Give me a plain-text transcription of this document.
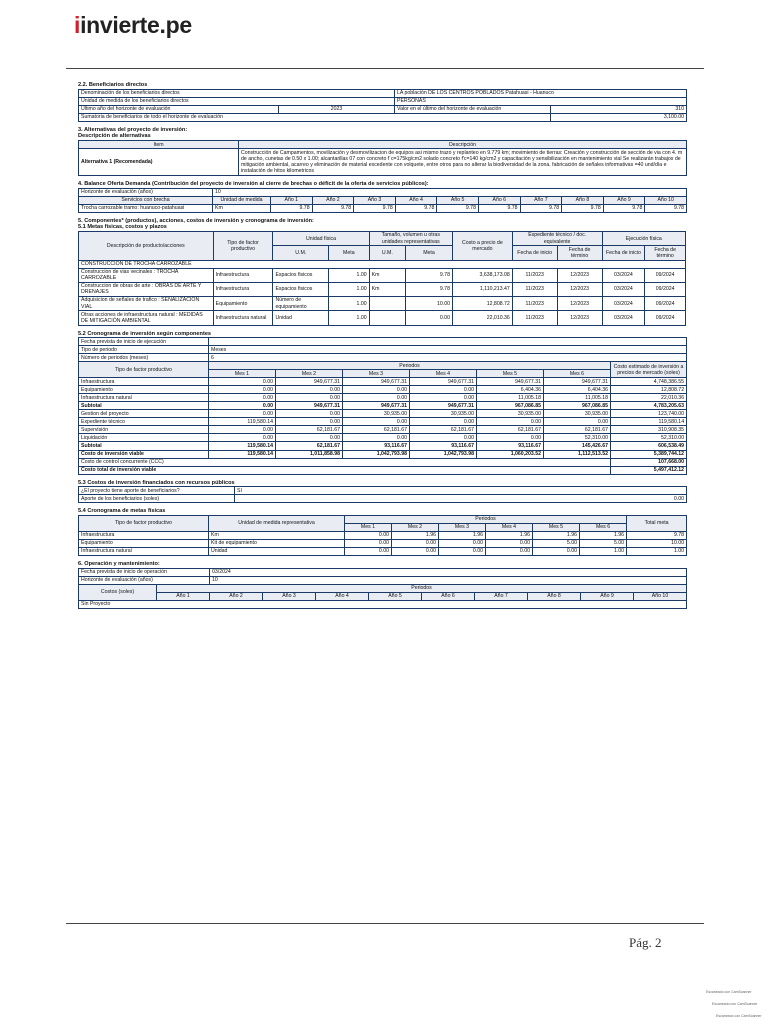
iinvierte.pe

2.2. Beneficiarios directos

Denominación de los beneficiarios directos		LA población DE LOS CENTROS POBLADOS Patahuasi - Huanuco	
Unidad de medida de los beneficiarios directos		PERSONAS	
Último año del horizonte de evaluación	2023	Valor en el último del horizonte de evaluación	310
Sumatoria de beneficiarios de todo el horizonte de evaluación			3,100.00

3. Alternativas del proyecto de inversión:

Descripción de alternativas

Item	Descripción
Alternativa 1 (Recomendada)	Construcción de Campamentos, movilización y desmovilizacion de equipos asi mismo trazo y replanteo en 9.779 km; movimiento de tierras: Creación y construcción de sección de via con 4. m de ancho, cunetas de 0.50 x 1.00; alcantarillas 07 con concreto f´c=175kg/cm2 solado concreto f'c=140 kg/cm2 y capacitación y sensibilización en mantenimiento vial Se realizarán trabajos de mitigación ambiental, acarreo y eliminación de material excedente con volquete, entre otros para no alterar la biodiversidad de la zona. fabricación de señales informativas =40 und/día e instalación de hitos kilometricos

4. Balance Oferta Demanda (Contribución del proyecto de inversión al cierre de brechas o déficit de la oferta de servicios públicos):

Horizonte de evaluación (años)	10										
Servicios con brecha	Unidad de medida	Año 1	Año 2	Año 3	Año 4	Año 5	Año 6	Año 7	Año 8	Año 9	Año 10
Trocha carrozable tramo: huanuco-patahuasi	Km	9.78	9.78	9.78	9.78	9.78	9.78	9.78	9.78	9.78	9.78

5. Componentes* (productos), acciones, costos de inversión y cronograma de inversión:

5.1 Metas físicas, costos y plazos

Descripción de producto/acciones	Tipo de factor productivo	Unidad física		Tamaño, volumen u otras unidades representativas		Costo a precio de mercado	Expediente técnico / doc. equivalente		Ejecución física	
		U.M.	Meta	U.M.	Meta		Fecha de inicio	Fecha de término	Fecha de inicio	Fecha de término
CONSTRUCCIÓN DE TROCHA CARROZABLE										
Construccion de vias vecinales : TROCHA CARROZABLE	Infraestructura	Espacios fisicos	1.00	Km	9.78	3,638,173.08	11/2023	12/2023	03/2024	09/2024
Construccion de obras de arte : OBRAS DE ARTE Y DRENAJES	Infraestructura	Espacios fisicos	1.00	Km	9.78	1,110,213.47	11/2023	12/2023	03/2024	09/2024
Adquisicion de señales de trafico : SEÑALIZACIÓN VIAL	Equipamiento	Número de equipamiento	1.00		10.00	12,808.72	11/2023	12/2023	03/2024	09/2024
Otras acciones de infraestructura natural : MEDIDAS DE MITIGACIÓN AMBIENTAL	Infraestructura natural	Unidad	1.00		0.00	22,010.36	11/2023	12/2023	03/2024	09/2024

5.2 Cronograma de inversión según componentes

Fecha prevista de inicio de ejecución							
Tipo de periodo	Meses						
Número de periodos (meses)	6						
Tipo de factor productivo	Periodos						Costo estimado de inversión a precios de mercado (soles)
	Mes 1	Mes 2	Mes 3	Mes 4	Mes 5	Mes 6	
Infraestructura	0.00	949,677.31	949,677.31	949,677.31	949,677.31	949,677.31	4,748,386.55
Equipamiento	0.00	0.00	0.00	0.00	6,404.36	6,404.36	12,808.72
Infraestructura natural	0.00	0.00	0.00	0.00	11,005.18	11,005.18	22,010.36
Subtotal	0.00	949,677.31	949,677.31	949,677.31	967,086.85	967,086.85	4,783,205.63
Gestion del proyecto	0.00	0.00	30,935.00	30,935.00	30,935.00	30,935.00	123,740.00
Expediente técnico	119,580.14	0.00	0.00	0.00	0.00	0.00	119,580.14
Supervisión	0.00	62,181.67	62,181.67	62,181.67	62,181.67	62,181.67	310,908.35
Liquidación	0.00	0.00	0.00	0.00	0.00	52,310.00	52,310.00
Subtotal	119,580.14	62,181.67	93,116.67	93,116.67	93,116.67	145,426.67	606,538.49
Costo de inversión viable	119,580.14	1,011,858.98	1,042,793.98	1,042,793.98	1,060,203.52	1,112,513.52	5,389,744.12
Costo de control concurrente (CCC)							107,668.00
Costo total de inversión viable							5,497,412.12

5.3 Costos de inversión financiados con recursos públicos

¿El proyecto tiene aporte de beneficiarios?	SI
Aporte de los beneficiarios (soles)	0.00

5.4 Cronograma de metas físicas

Tipo de factor productivo	Unidad de medida representativa	Periodos						Total meta
		Mes 1	Mes 2	Mes 3	Mes 4	Mes 5	Mes 6	
Infraestructura	Km	0.00	1.96	1.96	1.96	1.96	1.96	9.78
Equipamiento	Kit de equipamiento	0.00	0.00	0.00	0.00	5.00	5.00	10.00
Infraestructura natural	Unidad	0.00	0.00	0.00	0.00	0.00	1.00	1.00

6. Operación y mantenimiento:

Fecha prevista de inicio de operación		03/2024								
Horizonte de evaluación (años)		10								
Costos (soles)	Periodos									
	Año 1	Año 2	Año 3	Año 4	Año 5	Año 6	Año 7	Año 8	Año 9	Año 10
Sin Proyecto										
Pág. 2
Escaneado con CamScanner
Escaneado con CamScanner
Escaneado con CamScanner
